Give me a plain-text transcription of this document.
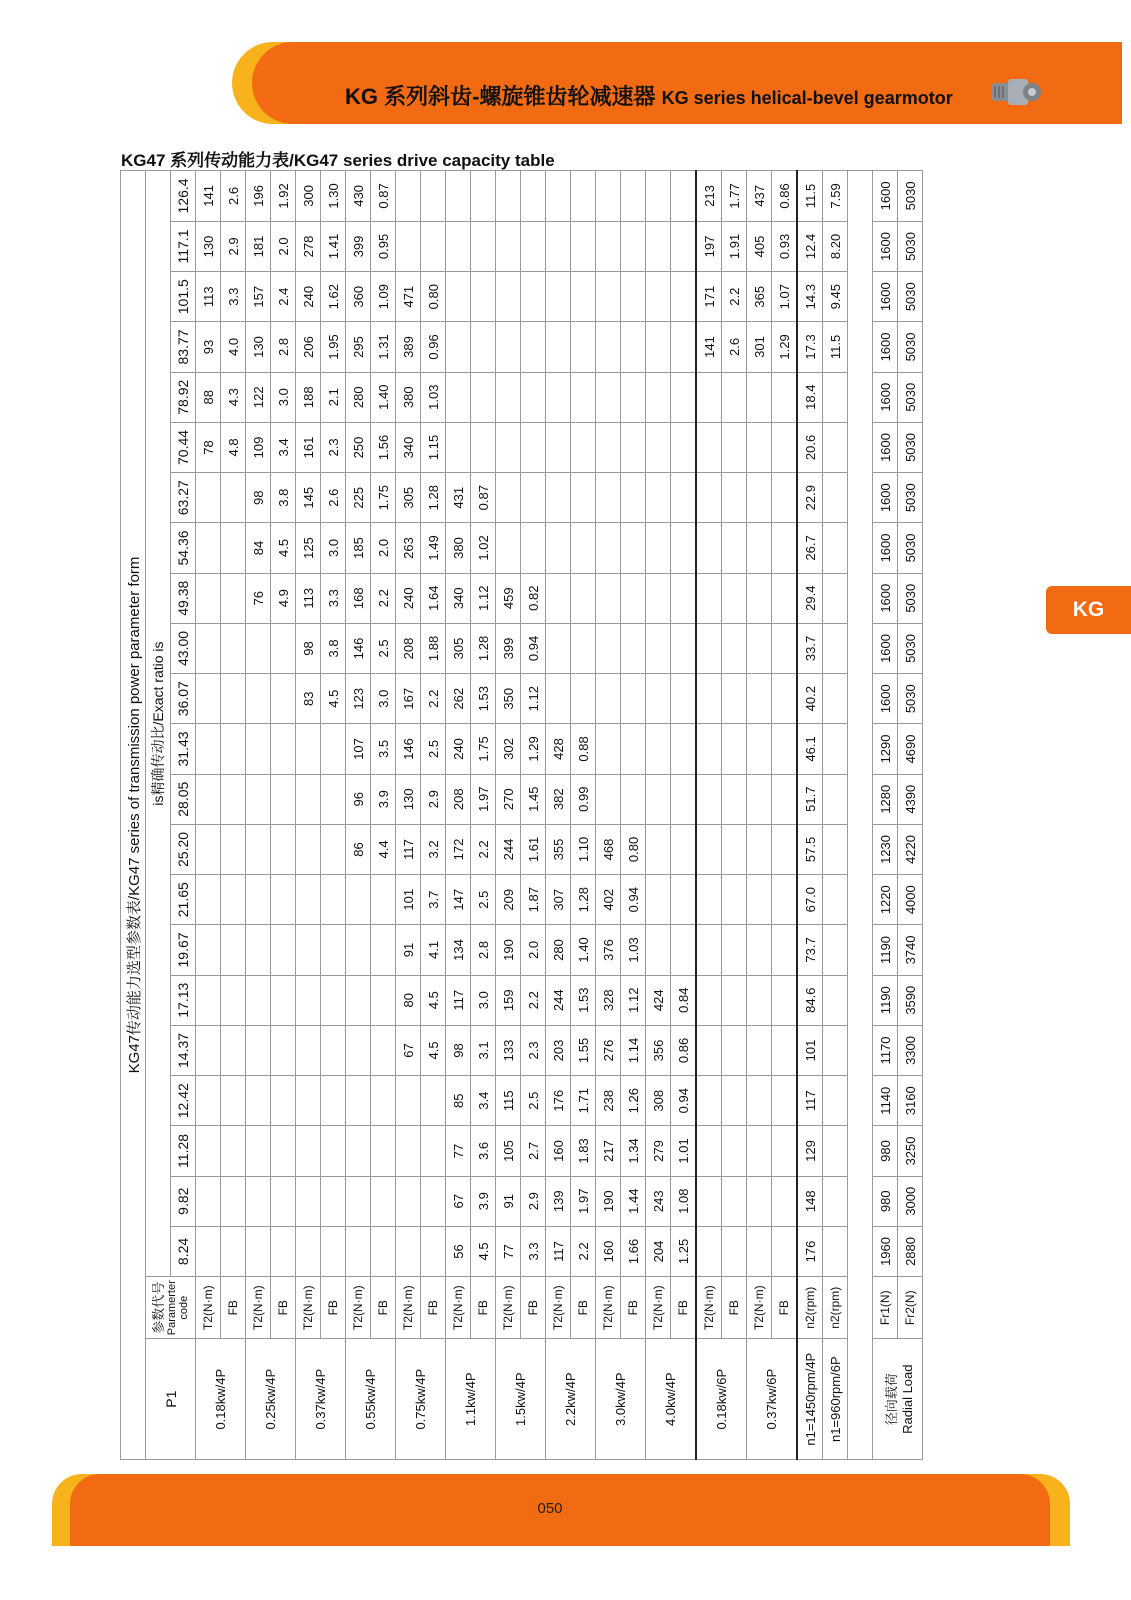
KG 系列斜齿-螺旋锥齿轮减速器 KG series helical-bevel gearmotor
KG47 系列传动能力表/KG47 series drive capacity table
KG
KG47传动能力选型参数表/KG47 series of transmission power parameter form																							
P1	参数代号 Paramerter code	is精确传动比/Exact ratio is																					
		8.24	9.82	11.28	12.42	14.37	17.13	19.67	21.65	25.20	28.05	31.43	36.07	43.00	49.38	54.36	63.27	70.44	78.92	83.77	101.5	117.1	126.4
0.18kw/4P	T2(N·m)																	78	88	93	113	130	141
	FB																	4.8	4.3	4.0	3.3	2.9	2.6
0.25kw/4P	T2(N·m)														76	84	98	109	122	130	157	181	196
	FB														4.9	4.5	3.8	3.4	3.0	2.8	2.4	2.0	1.92
0.37kw/4P	T2(N·m)												83	98	113	125	145	161	188	206	240	278	300
	FB												4.5	3.8	3.3	3.0	2.6	2.3	2.1	1.95	1.62	1.41	1.30
0.55kw/4P	T2(N·m)									86	96	107	123	146	168	185	225	250	280	295	360	399	430
	FB									4.4	3.9	3.5	3.0	2.5	2.2	2.0	1.75	1.56	1.40	1.31	1.09	0.95	0.87
0.75kw/4P	T2(N·m)					67	80	91	101	117	130	146	167	208	240	263	305	340	380	389	471		
	FB					4.5	4.5	4.1	3.7	3.2	2.9	2.5	2.2	1.88	1.64	1.49	1.28	1.15	1.03	0.96	0.80		
1.1kw/4P	T2(N·m)	56	67	77	85	98	117	134	147	172	208	240	262	305	340	380	431						
	FB	4.5	3.9	3.6	3.4	3.1	3.0	2.8	2.5	2.2	1.97	1.75	1.53	1.28	1.12	1.02	0.87						
1.5kw/4P	T2(N·m)	77	91	105	115	133	159	190	209	244	270	302	350	399	459								
	FB	3.3	2.9	2.7	2.5	2.3	2.2	2.0	1.87	1.61	1.45	1.29	1.12	0.94	0.82								
2.2kw/4P	T2(N·m)	117	139	160	176	203	244	280	307	355	382	428											
	FB	2.2	1.97	1.83	1.71	1.55	1.53	1.40	1.28	1.10	0.99	0.88											
3.0kw/4P	T2(N·m)	160	190	217	238	276	328	376	402	468													
	FB	1.66	1.44	1.34	1.26	1.14	1.12	1.03	0.94	0.80													
4.0kw/4P	T2(N·m)	204	243	279	308	356	424																
	FB	1.25	1.08	1.01	0.94	0.86	0.84																
0.18kw/6P	T2(N·m)																			141	171	197	213
	FB																			2.6	2.2	1.91	1.77
0.37kw/6P	T2(N·m)																			301	365	405	437
	FB																			1.29	1.07	0.93	0.86
n1=1450rpm/4P	n2(rpm)	176	148	129	117	101	84.6	73.7	67.0	57.5	51.7	46.1	40.2	33.7	29.4	26.7	22.9	20.6	18.4	17.3	14.3	12.4	11.5
n1=960rpm/6P	n2(rpm)																			11.5	9.45	8.20	7.59

径向载荷 Radial Load	Fr1(N)	1960	980	980	1140	1170	1190	1190	1220	1230	1280	1290	1600	1600	1600	1600	1600	1600	1600	1600	1600	1600	1600
	Fr2(N)	2880	3000	3250	3160	3300	3590	3740	4000	4220	4390	4690	5030	5030	5030	5030	5030	5030	5030	5030	5030	5030	5030
050
